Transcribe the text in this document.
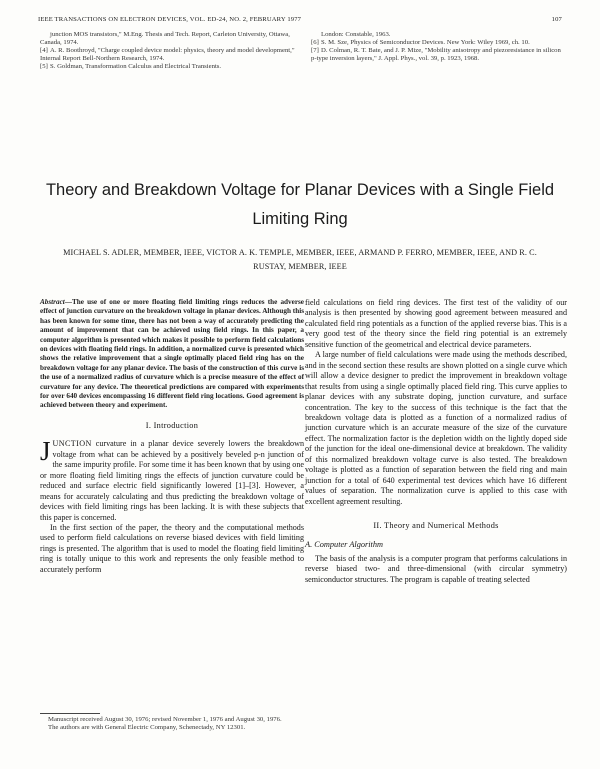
IEEE TRANSACTIONS ON ELECTRON DEVICES, VOL. ED-24, NO. 2, FEBRUARY 1977	107

junction MOS transistors," M.Eng. Thesis and Tech. Report, Carleton University, Ottawa, Canada, 1974.

[4] A. R. Boothroyd, "Charge coupled device model: physics, theory and model development," Internal Report Bell-Northern Research, 1974.

[5] S. Goldman, Transformation Calculus and Electrical Transients.

London: Constable, 1963.

[6] S. M. Sze, Physics of Semiconductor Devices. New York: Wiley 1969, ch. 10.

[7] D. Colman, R. T. Bate, and J. P. Mize, "Mobility anisotropy and piezoresistance in silicon p-type inversion layers," J. Appl. Phys., vol. 39, p. 1923, 1968.

Theory and Breakdown Voltage for Planar Devices with a Single Field Limiting Ring
MICHAEL S. ADLER, MEMBER, IEEE, VICTOR A. K. TEMPLE, MEMBER, IEEE, ARMAND P. FERRO, MEMBER, IEEE, AND R. C. RUSTAY, MEMBER, IEEE

Abstract—The use of one or more floating field limiting rings reduces the adverse effect of junction curvature on the breakdown voltage in planar devices. Although this has been known for some time, there has not been a way of accurately predicting the amount of improvement that can be achieved using field rings. In this paper, a computer algorithm is presented which makes it possible to perform field calculations on devices with floating field rings. In addition, a normalized curve is presented which shows the relative improvement that a single optimally placed field ring has on the breakdown voltage for any planar device. The basis of the construction of this curve is the use of a normalized radius of curvature which is a precise measure of the effect of curvature for any device. The theoretical predictions are compared with experiments for over 640 devices encompassing 16 different field ring locations. Good agreement is achieved between theory and experiment.

I. Introduction

JUNCTION curvature in a planar device severely lowers the breakdown voltage from what can be achieved by a positively beveled p-n junction of the same impurity profile. For some time it has been known that by using one or more floating field limiting rings the effects of junction curvature could be reduced and surface electric field significantly lowered [1]–[3]. However, a means for accurately calculating and thus predicting the breakdown voltage of devices with field limiting rings has been lacking. It is with these subjects that this paper is concerned.

In the first section of the paper, the theory and the computational methods used to perform field calculations on reverse biased devices with field limiting rings is presented. The algorithm that is used to model the floating field limiting ring is totally unique to this work and represents the only feasible method to accurately perform

field calculations on field ring devices. The first test of the validity of our analysis is then presented by showing good agreement between measured and calculated field ring potentials as a function of the applied reverse bias. This is a very good test of the theory since the field ring potential is an extremely sensitive function of the geometrical and electrical device parameters.

A large number of field calculations were made using the methods described, and in the second section these results are shown plotted on a single curve which will allow a device designer to predict the improvement in breakdown voltage that results from using a single optimally placed field ring. This curve applies to planar devices with any substrate doping, junction curvature, and surface concentration. The key to the success of this technique is the fact that the breakdown voltage data is plotted as a function of a normalized radius of junction curvature which is an accurate measure of the size of the curvature effect. The normalization factor is the depletion width on the lightly doped side of the junction for the ideal one-dimensional device at breakdown. The validity of this normalized breakdown voltage curve is also tested. The breakdown voltage is plotted as a function of separation between the field ring and main junction for a total of 640 experimental test devices which have 16 different values of separation. The normalization curve is applied to this case with excellent agreement resulting.

II. Theory and Numerical Methods
A. Computer Algorithm

The basis of the analysis is a computer program that performs calculations in reverse biased two- and three-dimensional (with circular symmetry) semiconductor structures. The program is capable of treating selected

Manuscript received August 30, 1976; revised November 1, 1976 and August 30, 1976.

The authors are with General Electric Company, Schenectady, NY 12301.
